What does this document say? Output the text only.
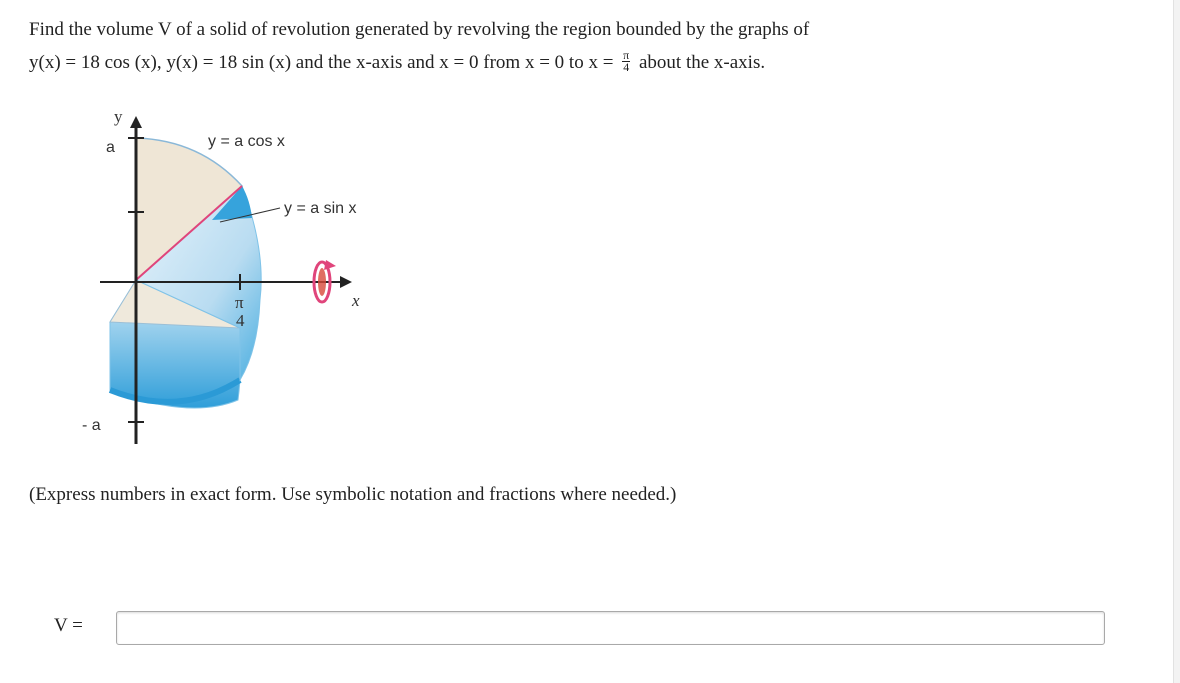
Find the volume V of a solid of revolution generated by revolving the region bounded by the graphs of
y(x) = 18 cos (x), y(x) = 18 sin (x) and the x-axis and x = 0 from x = 0 to $x = \frac{\pi}{4}$ about the x-axis.
y
a
- a
y = a cos x
y = a sin x
x
π
4
(Express numbers in exact form. Use symbolic notation and fractions where needed.)
V =
